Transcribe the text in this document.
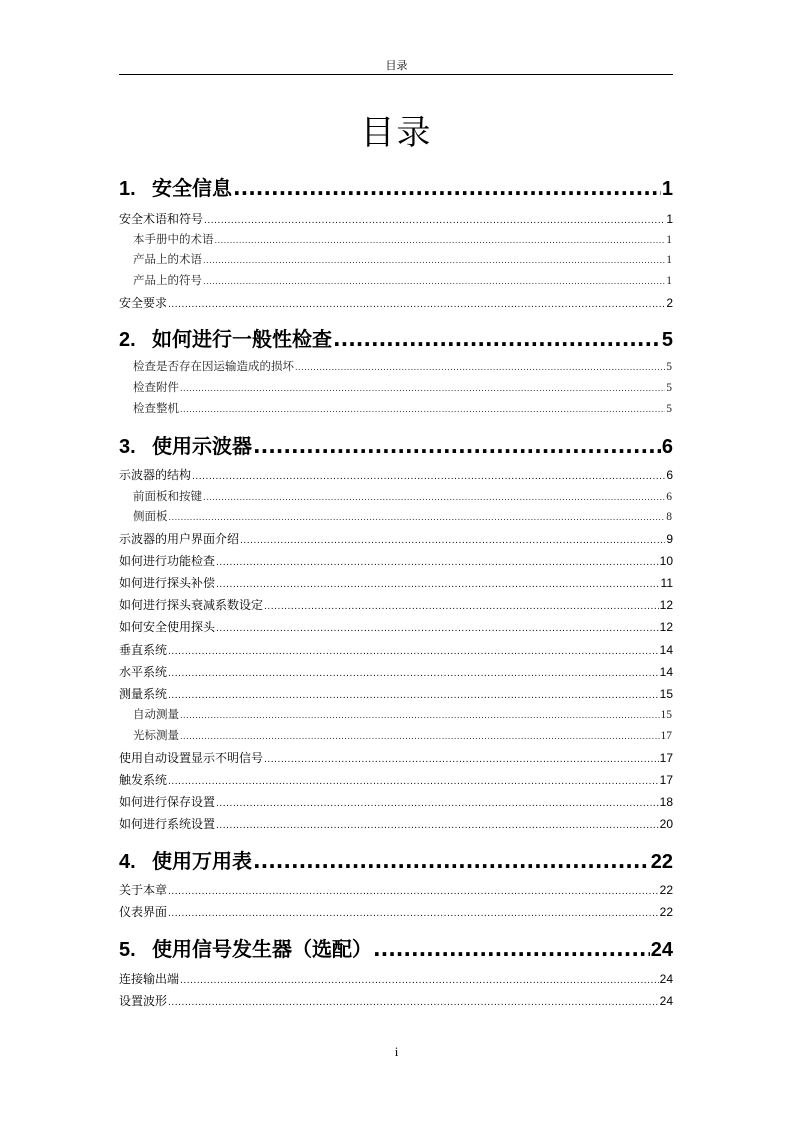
目录
目录
1. 安全信息 .....	1
安全术语和符号 .....	1
本手册中的术语 .....	1
产品上的术语 .....	1
产品上的符号 .....	1
安全要求 .....	2
2. 如何进行一般性检查 .....	5
检查是否存在因运输造成的损坏 .....	5
检查附件 .....	5
检查整机 .....	5
3. 使用示波器 .....	6
示波器的结构 .....	6
前面板和按键 .....	6
侧面板 .....	8
示波器的用户界面介绍 .....	9
如何进行功能检查 .....	10
如何进行探头补偿 .....	11
如何进行探头衰减系数设定 .....	12
如何安全使用探头 .....	12
垂直系统 .....	14
水平系统 .....	14
测量系统 .....	15
自动测量 .....	15
光标测量 .....	17
使用自动设置显示不明信号 .....	17
触发系统 .....	17
如何进行保存设置 .....	18
如何进行系统设置 .....	20
4. 使用万用表 .....	22
关于本章 .....	22
仪表界面 .....	22
5. 使用信号发生器（选配） .....	24
连接输出端 .....	24
设置波形 .....	24
i
